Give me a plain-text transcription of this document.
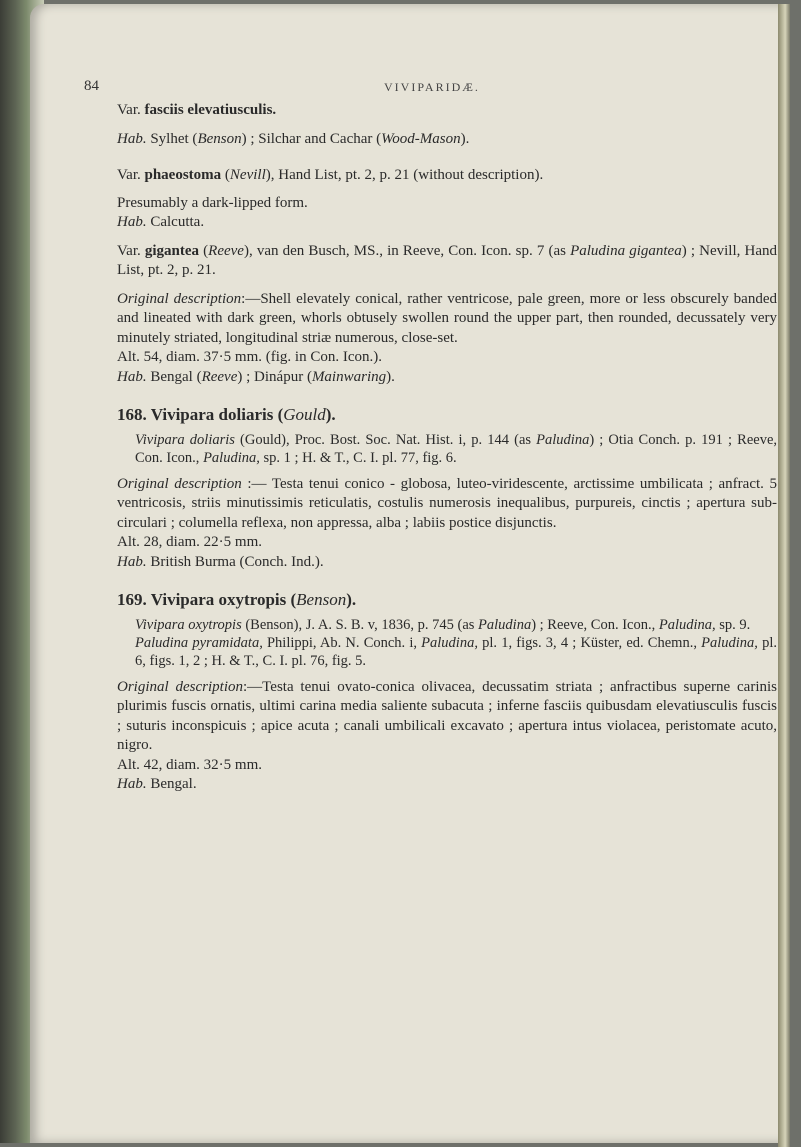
84	VIVIPARIDÆ.

Var. fasciis elevatiusculis.

Hab. Sylhet (Benson) ; Silchar and Cachar (Wood-Mason).

Var. phaeostoma (Nevill), Hand List, pt. 2, p. 21 (without description).

Presumably a dark-lipped form.

Hab. Calcutta.

Var. gigantea (Reeve), van den Busch, MS., in Reeve, Con. Icon. sp. 7 (as Paludina gigantea) ; Nevill, Hand List, pt. 2, p. 21.

Original description:—Shell elevately conical, rather ventricose, pale green, more or less obscurely banded and lineated with dark green, whorls obtusely swollen round the upper part, then rounded, decussately very minutely striated, longitudinal striæ numerous, close-set.

Alt. 54, diam. 37·5 mm. (fig. in Con. Icon.).

Hab. Bengal (Reeve) ; Dinápur (Mainwaring).

168. Vivipara doliaris (Gould).

Vivipara doliaris (Gould), Proc. Bost. Soc. Nat. Hist. i, p. 144 (as Paludina) ; Otia Conch. p. 191 ; Reeve, Con. Icon., Paludina, sp. 1 ; H. & T., C. I. pl. 77, fig. 6.

Original description :— Testa tenui conico - globosa, luteo-viridescente, arctissime umbilicata ; anfract. 5 ventricosis, striis minutissimis reticulatis, costulis numerosis inequalibus, purpureis, cinctis ; apertura sub-circulari ; columella reflexa, non appressa, alba ; labiis postice disjunctis.

Alt. 28, diam. 22·5 mm.

Hab. British Burma (Conch. Ind.).

169. Vivipara oxytropis (Benson).

Vivipara oxytropis (Benson), J. A. S. B. v, 1836, p. 745 (as Paludina) ; Reeve, Con. Icon., Paludina, sp. 9.

Paludina pyramidata, Philippi, Ab. N. Conch. i, Paludina, pl. 1, figs. 3, 4 ; Küster, ed. Chemn., Paludina, pl. 6, figs. 1, 2 ; H. & T., C. I. pl. 76, fig. 5.

Original description:—Testa tenui ovato-conica olivacea, decussatim striata ; anfractibus superne carinis plurimis fuscis ornatis, ultimi carina media saliente subacuta ; inferne fasciis quibusdam elevatiusculis fuscis ; suturis inconspicuis ; apice acuta ; canali umbilicali excavato ; apertura intus violacea, peristomate acuto, nigro.

Alt. 42, diam. 32·5 mm.

Hab. Bengal.
